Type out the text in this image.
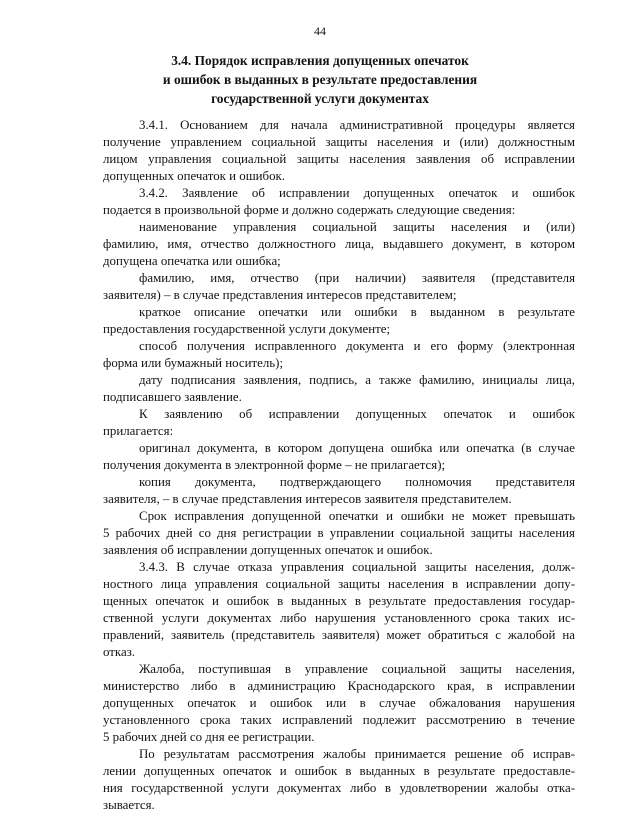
44
3.4. Порядок исправления допущенных опечаток
и ошибок в выданных в результате предоставления
государственной услуги документах
3.4.1. Основанием для начала административной процедуры является
получение управлением социальной защиты населения и (или) должностным
лицом управления социальной защиты населения заявления об исправлении
допущенных опечаток и ошибок.
3.4.2. Заявление об исправлении допущенных опечаток и ошибок
подается в произвольной форме и должно содержать следующие сведения:
наименование управления социальной защиты населения и (или)
фамилию, имя, отчество должностного лица, выдавшего документ, в котором
допущена опечатка или ошибка;
фамилию, имя, отчество (при наличии) заявителя (представителя
заявителя) – в случае представления интересов представителем;
краткое описание опечатки или ошибки в выданном в результате
предоставления государственной услуги документе;
способ получения исправленного документа и его форму (электронная
форма или бумажный носитель);
дату подписания заявления, подпись, а также фамилию, инициалы лица,
подписавшего заявление.
К заявлению об исправлении допущенных опечаток и ошибок
прилагается:
оригинал документа, в котором допущена ошибка или опечатка (в случае
получения документа в электронной форме – не прилагается);
копия документа, подтверждающего полномочия представителя
заявителя, – в случае представления интересов заявителя представителем.
Срок исправления допущенной опечатки и ошибки не может превышать
5 рабочих дней со дня регистрации в управлении социальной защиты населения
заявления об исправлении допущенных опечаток и ошибок.
3.4.3. В случае отказа управления социальной защиты населения, долж-
ностного лица управления социальной защиты населения в исправлении допу-
щенных опечаток и ошибок в выданных в результате предоставления государ-
ственной услуги документах либо нарушения установленного срока таких ис-
правлений, заявитель (представитель заявителя) может обратиться с жалобой на
отказ.
Жалоба, поступившая в управление социальной защиты населения,
министерство либо в администрацию Краснодарского края, в исправлении
допущенных опечаток и ошибок или в случае обжалования нарушения
установленного срока таких исправлений подлежит рассмотрению в течение
5 рабочих дней со дня ее регистрации.
По результатам рассмотрения жалобы принимается решение об исправ-
лении допущенных опечаток и ошибок в выданных в результате предоставле-
ния государственной услуги документах либо в удовлетворении жалобы отка-
зывается.
